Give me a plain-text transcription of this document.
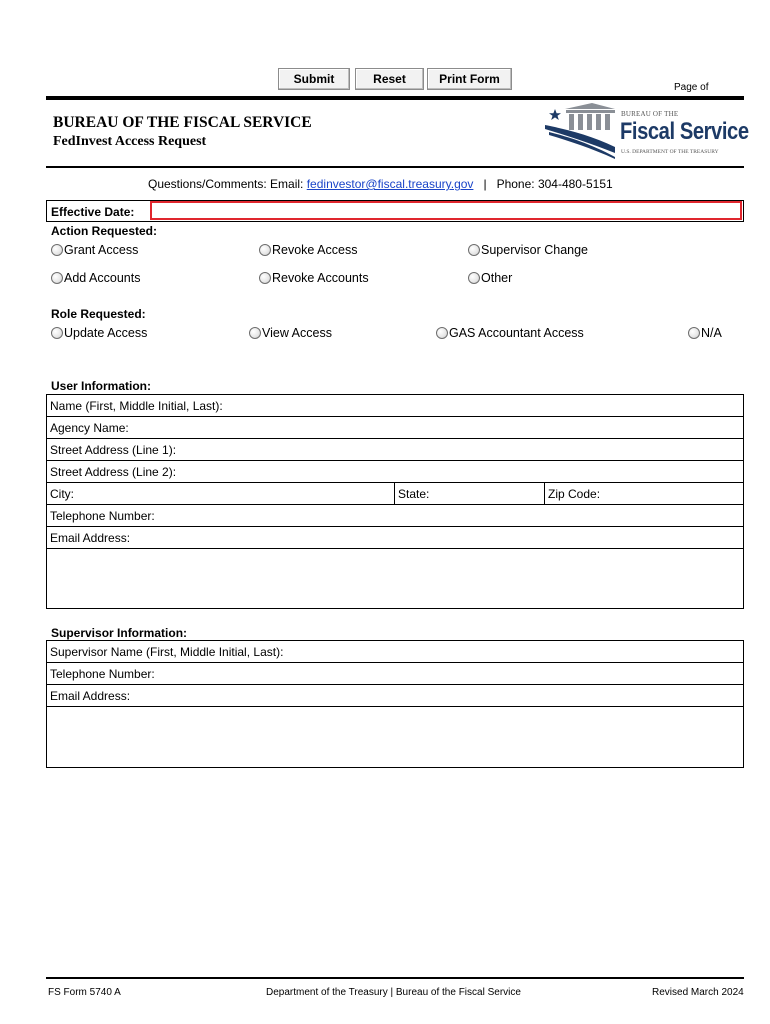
Submit	Reset	Print Form
Page of
BUREAU OF THE FISCAL SERVICE
FedInvest Access Request
BUREAU OF THE
Fiscal Service
U.S. DEPARTMENT OF THE TREASURY
Questions/Comments: Email: fedinvestor@fiscal.treasury.gov | Phone: 304-480-5151
Effective Date:
Action Requested:
Grant Access	Revoke Access	Supervisor Change
Add Accounts	Revoke Accounts	Other
Role Requested:
Update Access	View Access	GAS Accountant Access	N/A
User Information:
Name (First, Middle Initial, Last):
Agency Name:
Street Address (Line 1):
Street Address (Line 2):
City:	State:	Zip Code:
Telephone Number:
Email Address:
Supervisor Information:
Supervisor Name (First, Middle Initial, Last):
Telephone Number:
Email Address:
FS Form 5740 A	Department of the Treasury | Bureau of the Fiscal Service	Revised March 2024
